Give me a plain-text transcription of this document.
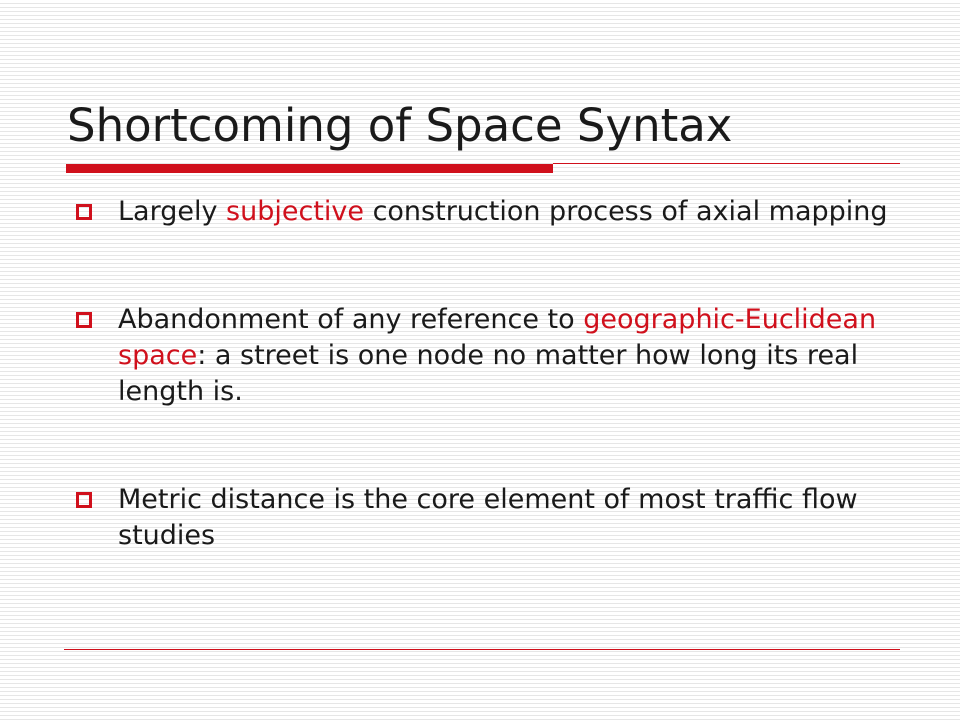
Shortcoming of Space Syntax
Largely subjective construction process of axial mapping
Abandonment of any reference to geographic-Euclidean space: a street is one node no matter how long its real length is.
Metric distance is the core element of most traffic flow studies
